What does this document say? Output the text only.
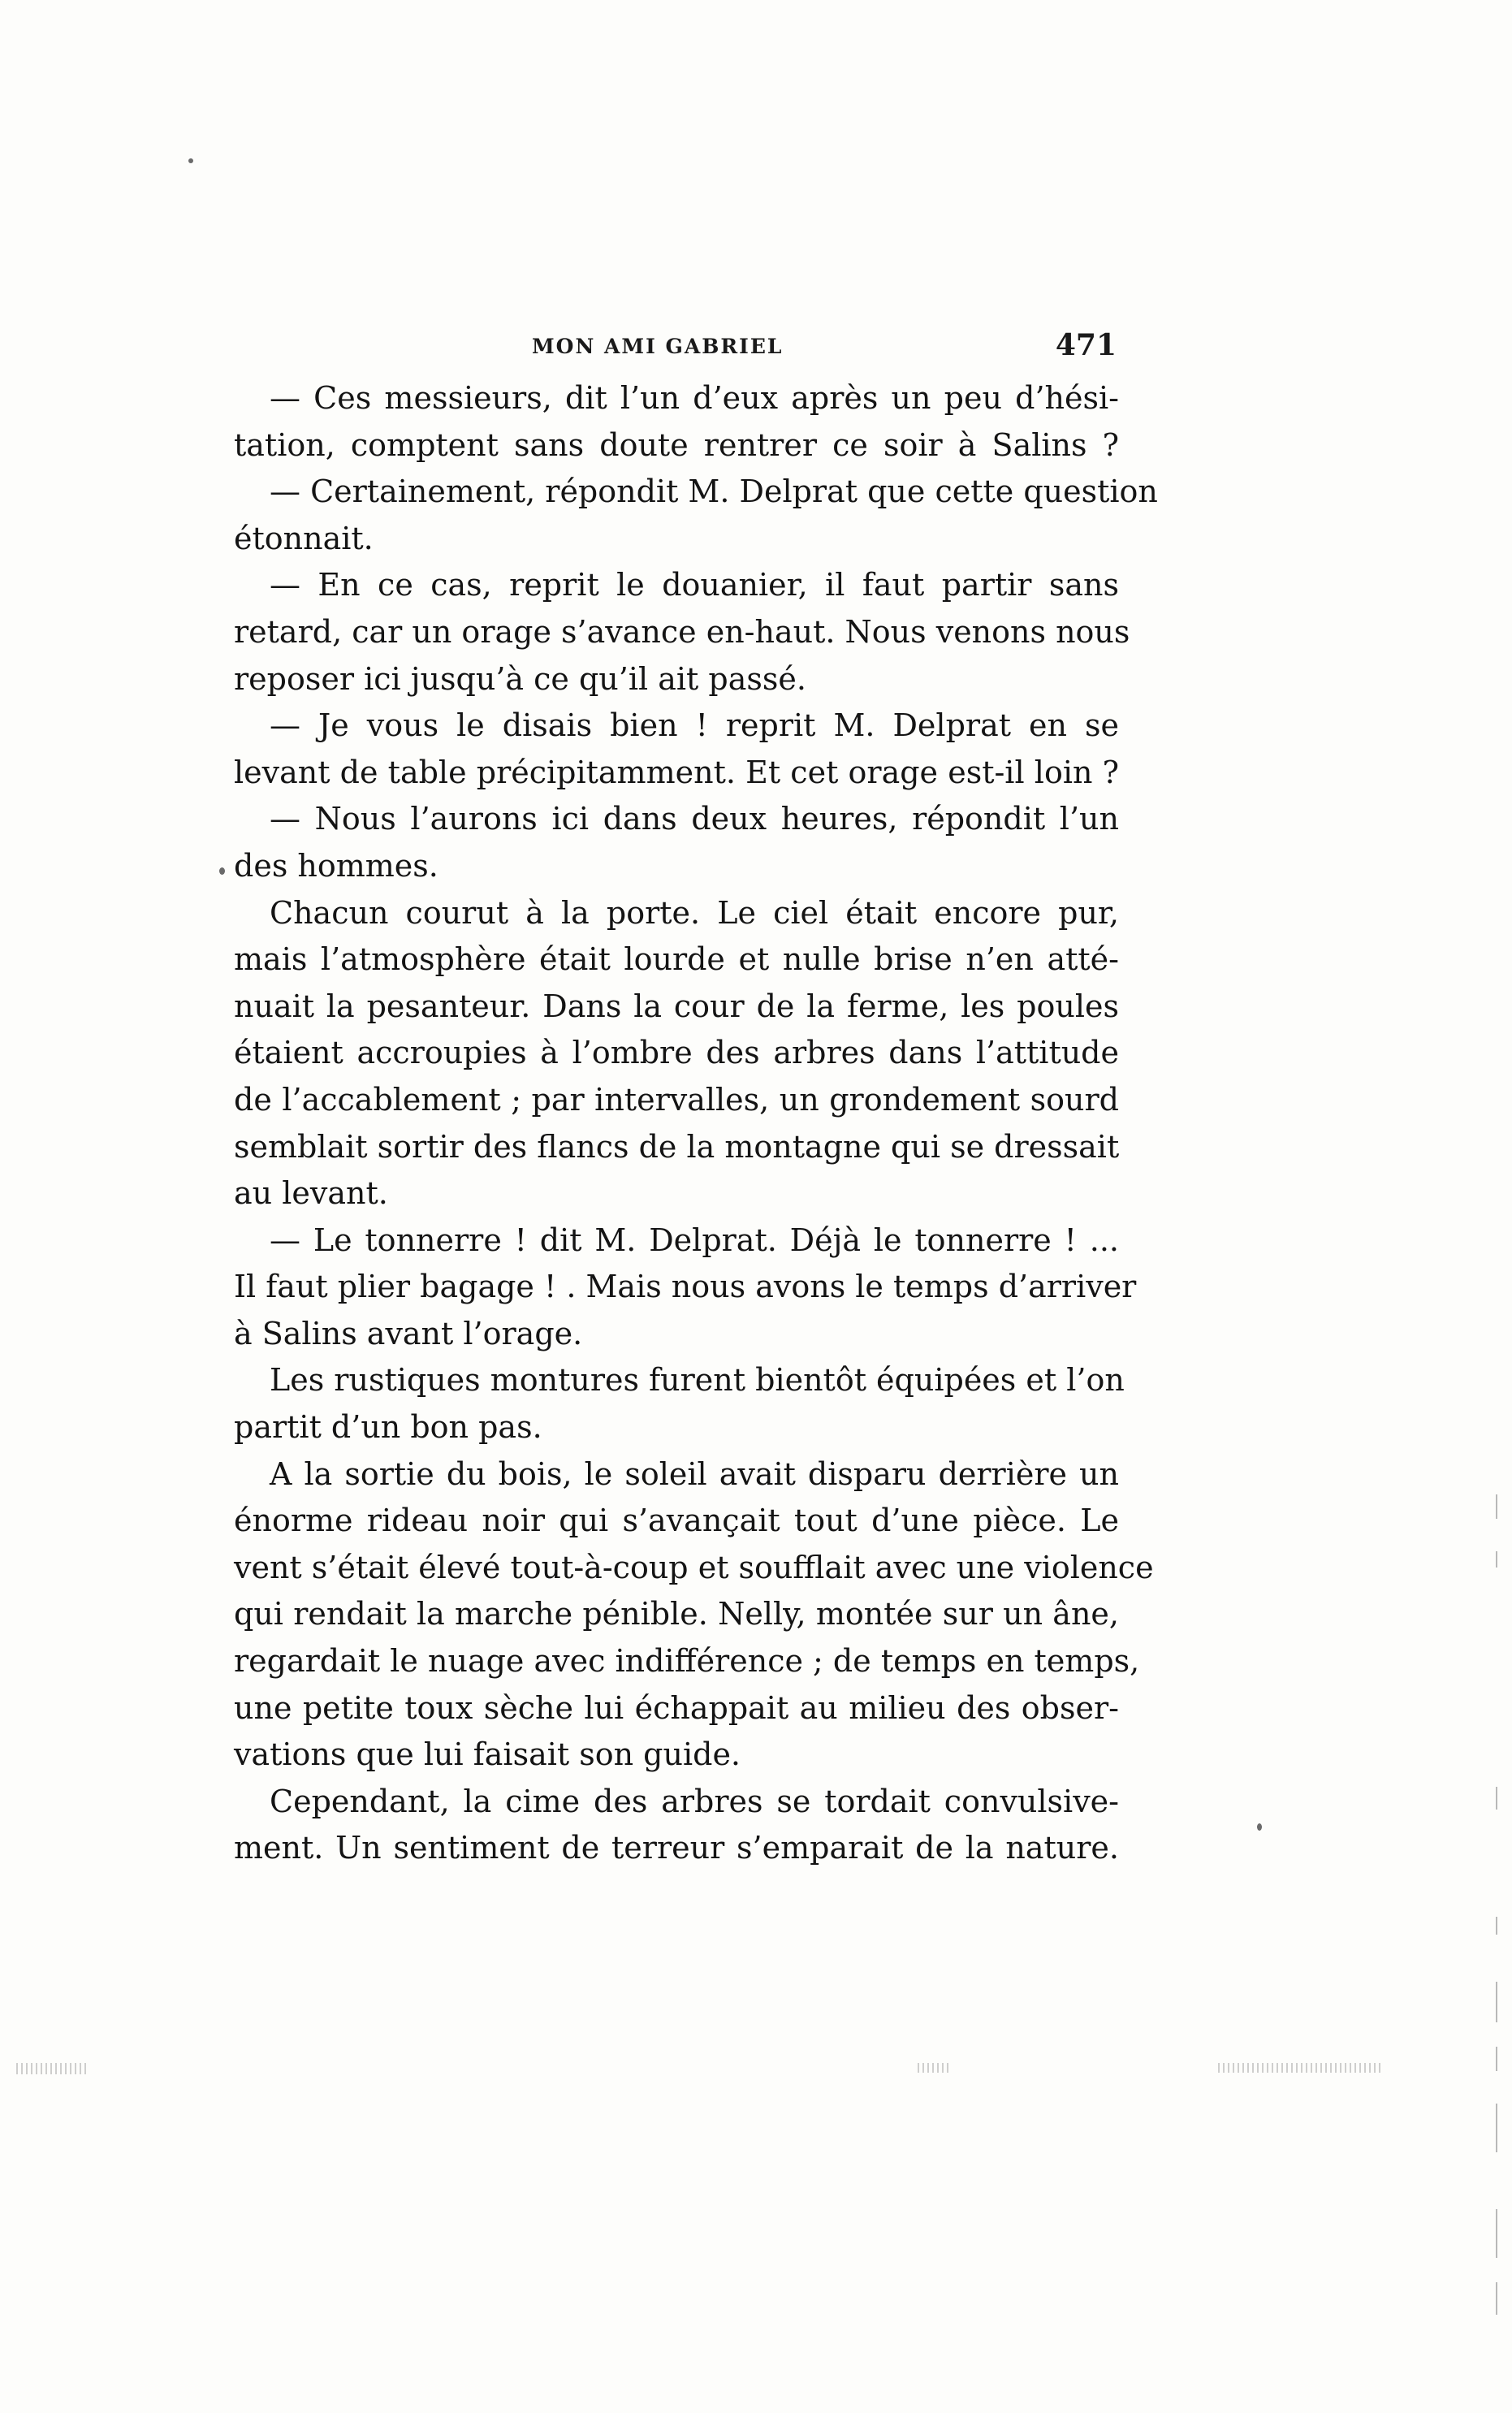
MON AMI GABRIEL	471
— Ces messieurs, dit l’un d’eux après un peu d’hési-
tation, comptent sans doute rentrer ce soir à Salins ?
— Certainement, répondit M. Delprat que cette question
étonnait.
— En ce cas, reprit le douanier, il faut partir sans
retard, car un orage s’avance en-haut. Nous venons nous
reposer ici jusqu’à ce qu’il ait passé.
— Je vous le disais bien ! reprit M. Delprat en se
levant de table précipitamment. Et cet orage est-il loin ?
— Nous l’aurons ici dans deux heures, répondit l’un
des hommes.
Chacun courut à la porte. Le ciel était encore pur,
mais l’atmosphère était lourde et nulle brise n’en atté-
nuait la pesanteur. Dans la cour de la ferme, les poules
étaient accroupies à l’ombre des arbres dans l’attitude
de l’accablement ; par intervalles, un grondement sourd
semblait sortir des flancs de la montagne qui se dressait
au levant.
— Le tonnerre ! dit M. Delprat. Déjà le tonnerre ! ...
Il faut plier bagage ! . Mais nous avons le temps d’arriver
à Salins avant l’orage.
Les rustiques montures furent bientôt équipées et l’on
partit d’un bon pas.
A la sortie du bois, le soleil avait disparu derrière un
énorme rideau noir qui s’avançait tout d’une pièce. Le
vent s’était élevé tout-à-coup et soufflait avec une violence
qui rendait la marche pénible. Nelly, montée sur un âne,
regardait le nuage avec indifférence ; de temps en temps,
une petite toux sèche lui échappait au milieu des obser-
vations que lui faisait son guide.
Cependant, la cime des arbres se tordait convulsive-
ment. Un sentiment de terreur s’emparait de la nature.
